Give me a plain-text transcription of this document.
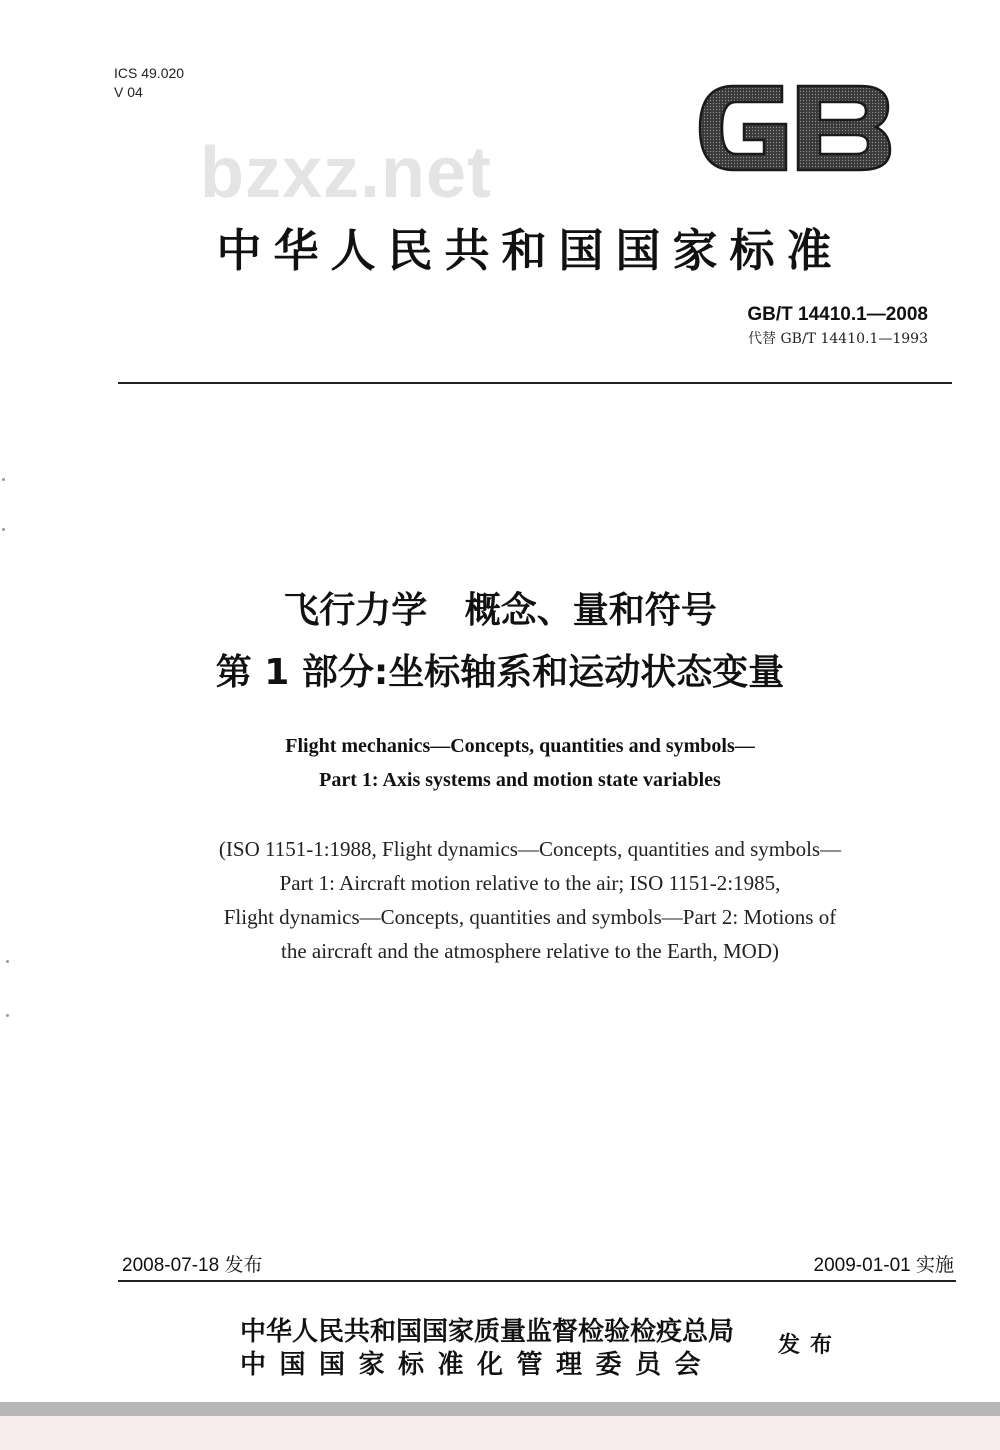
ICS 49.020
V 04
GB
bzxz.net
中华人民共和国国家标准
GB/T 14410.1—2008
代替 GB/T 14410.1—1993
飞行力学   概念、量和符号
第 1 部分:坐标轴系和运动状态变量
Flight mechanics—Concepts, quantities and symbols—
Part 1: Axis systems and motion state variables
(ISO 1151-1:1988, Flight dynamics—Concepts, quantities and symbols—
Part 1: Aircraft motion relative to the air; ISO 1151-2:1985,
Flight dynamics—Concepts, quantities and symbols—Part 2: Motions of
the aircraft and the atmosphere relative to the Earth, MOD)
2008-07-18 发布	2009-01-01 实施
中华人民共和国国家质量监督检验检疫总局
中国国家标准化管理委员会
发布
